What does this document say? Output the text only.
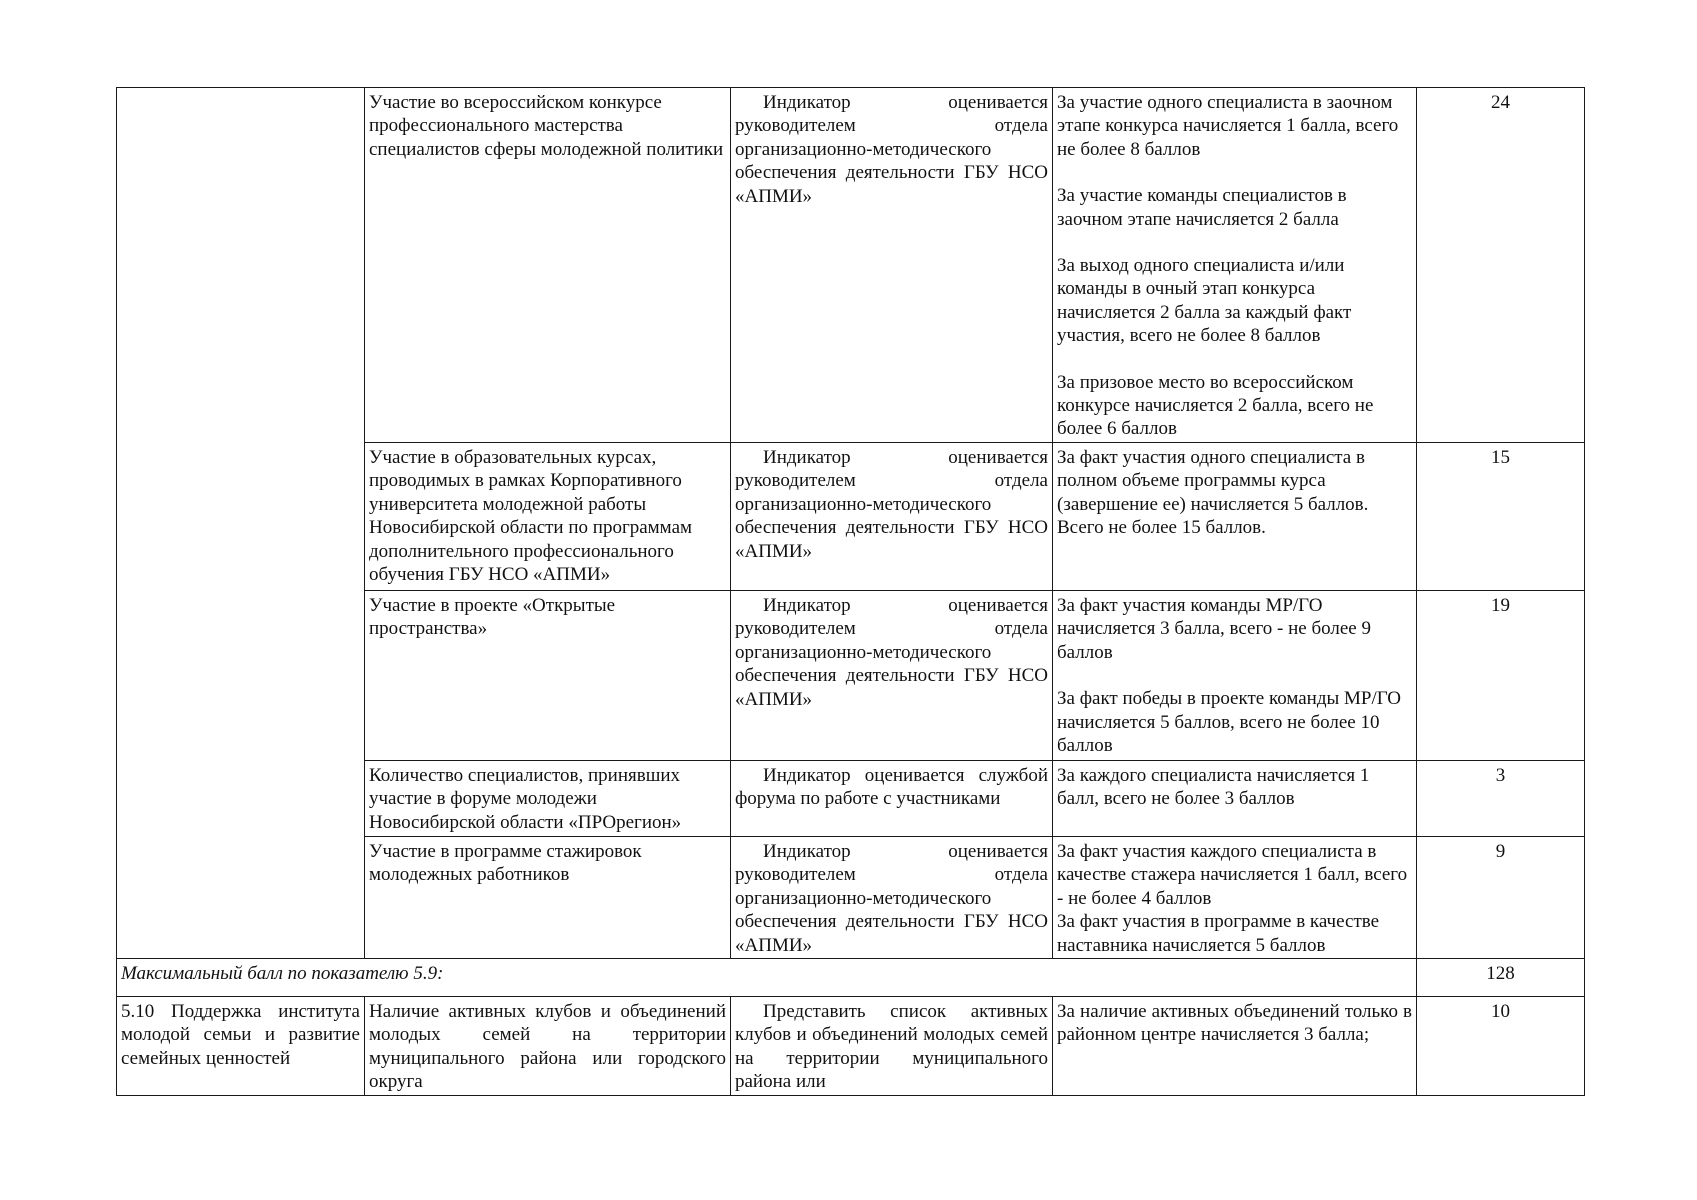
	Участие во всероссийском конкурсе профессионального мастерства специалистов сферы молодежной политики	Индикатор оценивается руководителем отдела организационно-методического обеспечения деятельности ГБУ НСО «АПМИ»	За участие одного специалиста в заочном этапе конкурса начисляется 1 балла, всего не более 8 баллов
За участие команды специалистов в заочном этапе начисляется 2 балла
За выход одного специалиста и/или команды в очный этап конкурса начисляется 2 балла за каждый факт участия, всего не более 8 баллов
За призовое место во всероссийском конкурсе начисляется 2 балла, всего не более 6 баллов	24
	Участие в образовательных курсах, проводимых в рамках Корпоративного университета молодежной работы Новосибирской области по программам дополнительного профессионального обучения ГБУ НСО «АПМИ»	Индикатор оценивается руководителем отдела организационно-методического обеспечения деятельности ГБУ НСО «АПМИ»	За факт участия одного специалиста в полном объеме программы курса (завершение ее) начисляется 5 баллов. Всего не более 15 баллов.	15
	Участие в проекте «Открытые пространства»	Индикатор оценивается руководителем отдела организационно-методического обеспечения деятельности ГБУ НСО «АПМИ»	За факт участия команды МР/ГО начисляется 3 балла, всего - не более 9 баллов
За факт победы в проекте команды МР/ГО начисляется 5 баллов, всего не более 10 баллов	19
	Количество специалистов, принявших участие в форуме молодежи Новосибирской области «ПРОрегион»	Индикатор оценивается службой форума по работе с участниками	За каждого специалиста начисляется 1 балл, всего не более 3 баллов	3
	Участие в программе стажировок молодежных работников	Индикатор оценивается руководителем отдела организационно-методического обеспечения деятельности ГБУ НСО «АПМИ»	За факт участия каждого специалиста в качестве стажера начисляется 1 балл, всего - не более 4 баллов
За факт участия в программе в качестве наставника начисляется 5 баллов	9
Максимальный балл по показателю 5.9:				128
5.10 Поддержка института молодой семьи и развитие семейных ценностей	Наличие активных клубов и объединений молодых семей на территории муниципального района или городского округа	Представить список активных клубов и объединений молодых семей на территории муниципального района или	За наличие активных объединений только в районном центре начисляется 3 балла;	10
